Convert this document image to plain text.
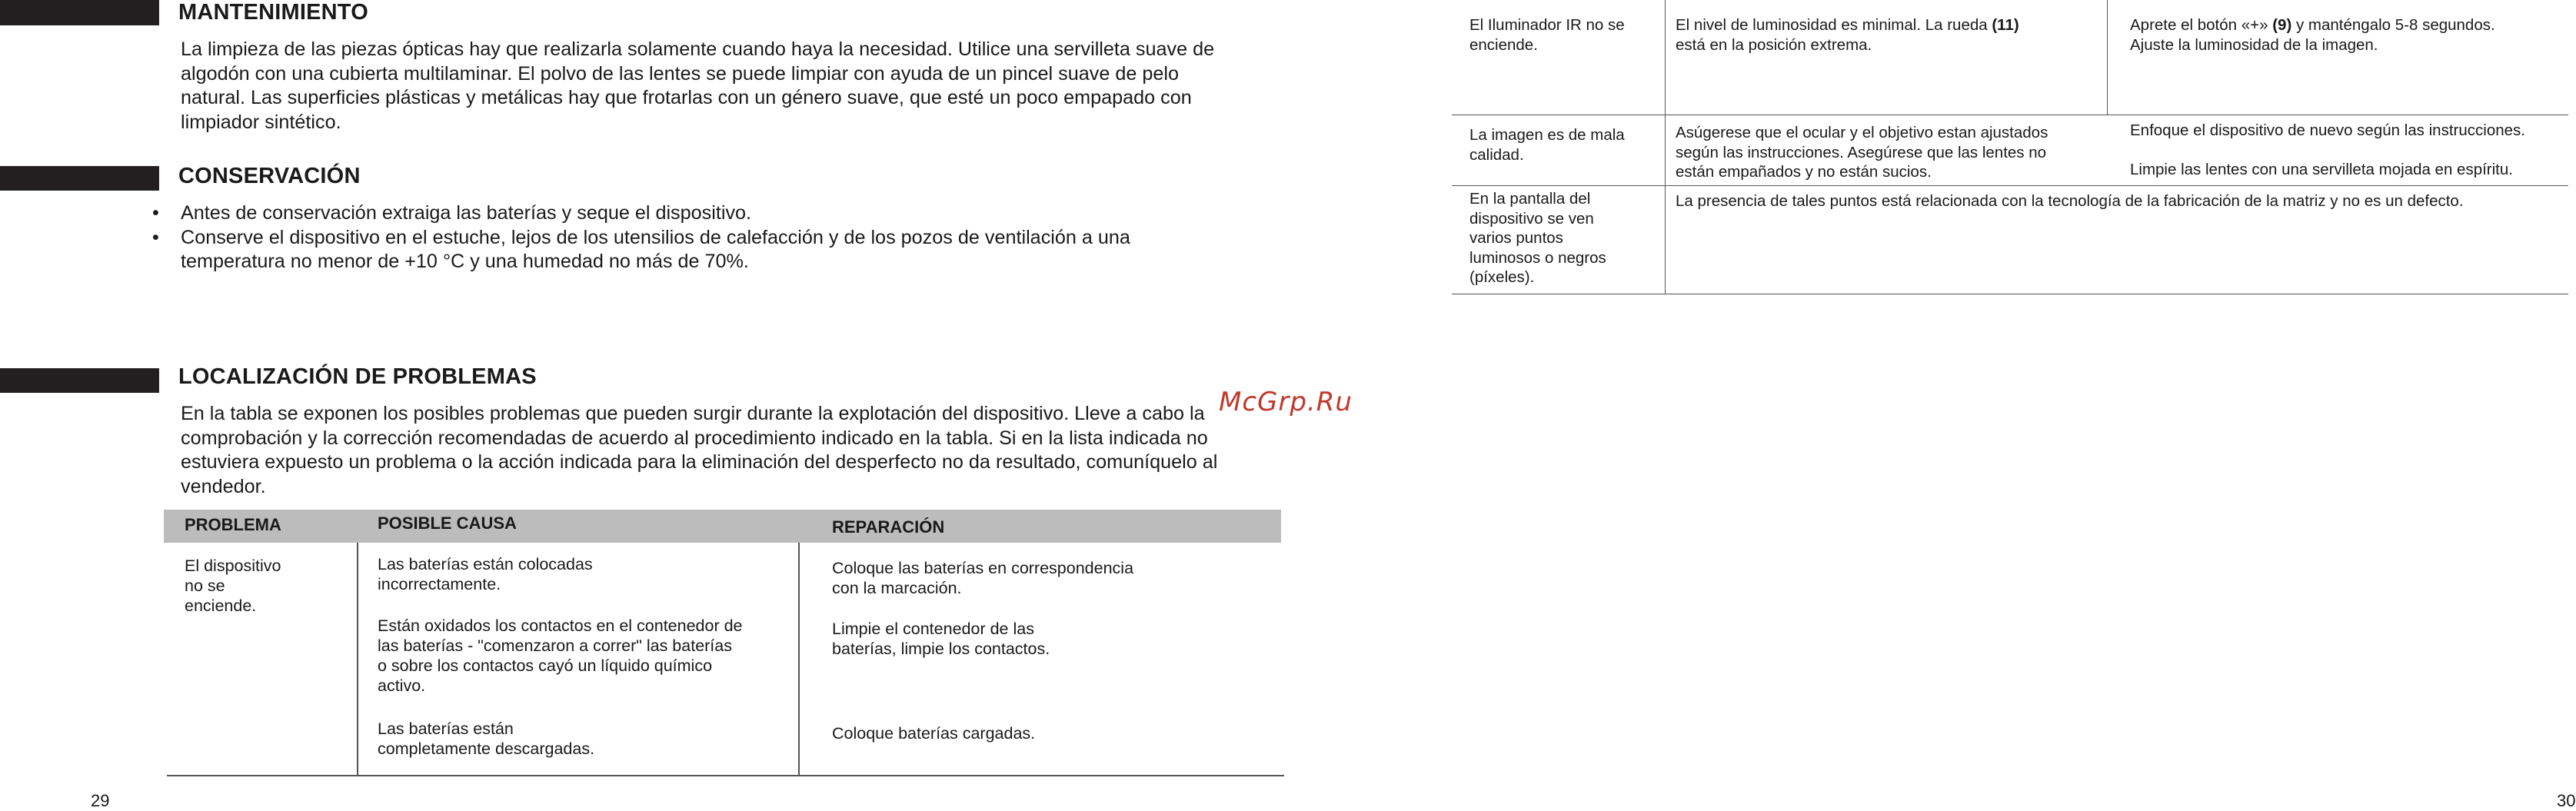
MANTENIMIENTO
La limpieza de las piezas ópticas hay que realizarla solamente cuando haya la necesidad. Utilice una servilleta suave de
algodón con una cubierta multilaminar. El polvo de las lentes se puede limpiar con ayuda de un pincel suave de pelo
natural. Las superficies plásticas y metálicas hay que frotarlas con un género suave, que esté un poco empapado con
limpiador sintético.
CONSERVACIÓN
• Antes de conservación extraiga las baterías y seque el dispositivo.
• Conserve el dispositivo en el estuche, lejos de los utensilios de calefacción y de los pozos de ventilación a una
temperatura no menor de +10 °C y una humedad no más de 70%.
LOCALIZACIÓN DE PROBLEMAS
En la tabla se exponen los posibles problemas que pueden surgir durante la explotación del dispositivo. Lleve a cabo la
comprobación y la corrección recomendadas de acuerdo al procedimiento indicado en la tabla. Si en la lista indicada no
estuviera expuesto un problema o la acción indicada para la eliminación del desperfecto no da resultado, comuníquelo al
vendedor.
McGrp.Ru
PROBLEMA	POSIBLE CAUSA	REPARACIÓN

El dispositivo

no se

enciende.

Las baterías están colocadas

incorrectamente.

Están oxidados los contactos en el contenedor de

las baterías - "comenzaron a correr" las baterías

o sobre los contactos cayó un líquido químico

activo.

Las baterías están

completamente descargadas.

Coloque las baterías en correspondencia

con la marcación.

Limpie el contenedor de las

baterías, limpie los contactos.

Coloque baterías cargadas.

29

El Iluminador IR no se

enciende.

El nivel de luminosidad es minimal. La rueda (11)

está en la posición extrema.

Aprete el botón «+» (9) y manténgalo 5-8 segundos.

Ajuste la luminosidad de la imagen.

La imagen es de mala

calidad.

Asúgerese que el ocular y el objetivo estan ajustados

según las instrucciones. Asegúrese que las lentes no

están empañados y no están sucios.

Enfoque el dispositivo de nuevo según las instrucciones.

Limpie las lentes con una servilleta mojada en espíritu.

En la pantalla del

dispositivo se ven

varios puntos

luminosos o negros

(píxeles).

La presencia de tales puntos está relacionada con la tecnología de la fabricación de la matriz y no es un defecto.

30
